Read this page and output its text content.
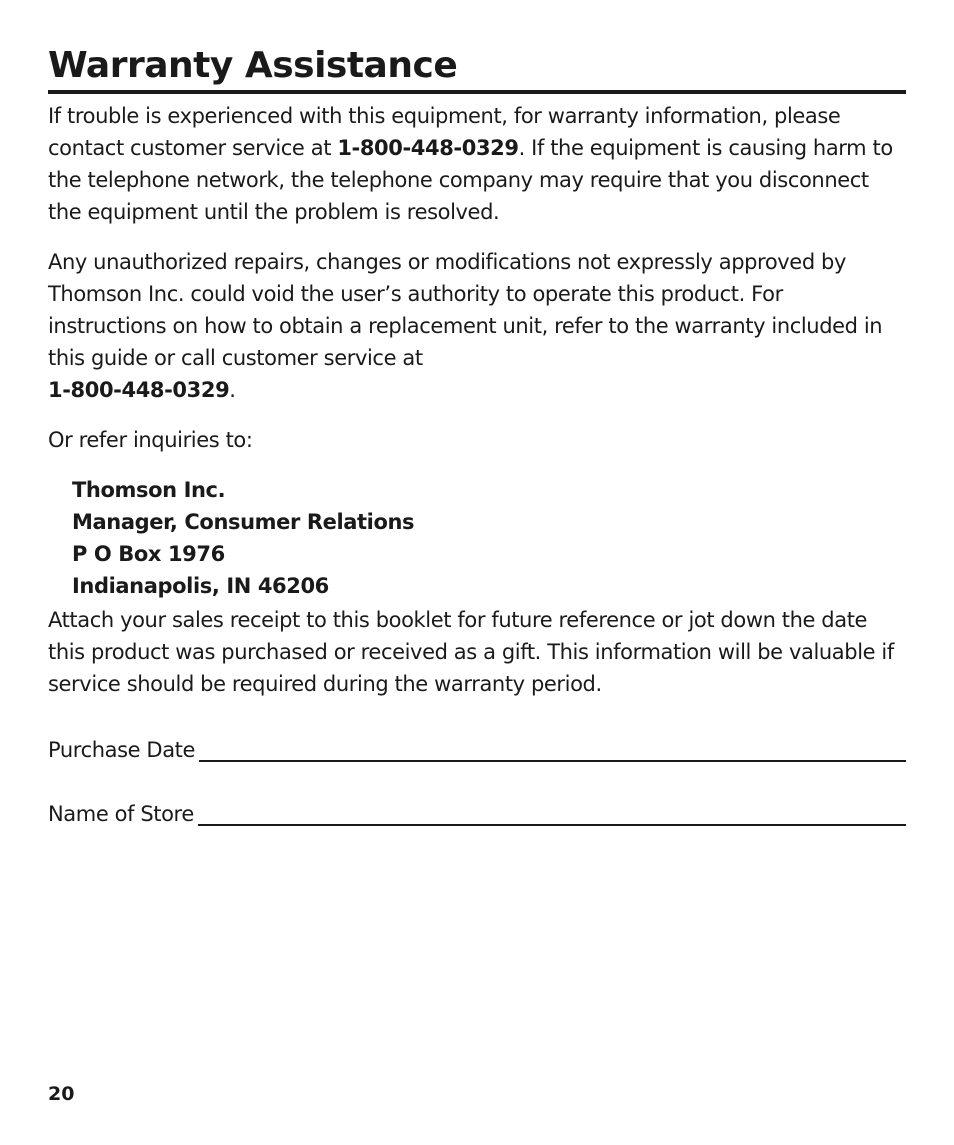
Warranty Assistance

If trouble is experienced with this equipment, for warranty information, please contact customer service at 1-800-448-0329. If the equipment is causing harm to the telephone network, the telephone company may require that you disconnect the equipment until the problem is resolved.

Any unauthorized repairs, changes or modifications not expressly approved by Thomson Inc. could void the user’s authority to operate this product. For instructions on how to obtain a replacement unit, refer to the warranty included in this guide or call customer service at
1-800-448-0329.

Or refer inquiries to:

Thomson Inc.
Manager, Consumer Relations
P O Box 1976
Indianapolis, IN 46206

Attach your sales receipt to this booklet for future reference or jot down the date this product was purchased or received as a gift. This information will be valuable if service should be required during the warranty period.

Purchase Date
Name of Store
20
